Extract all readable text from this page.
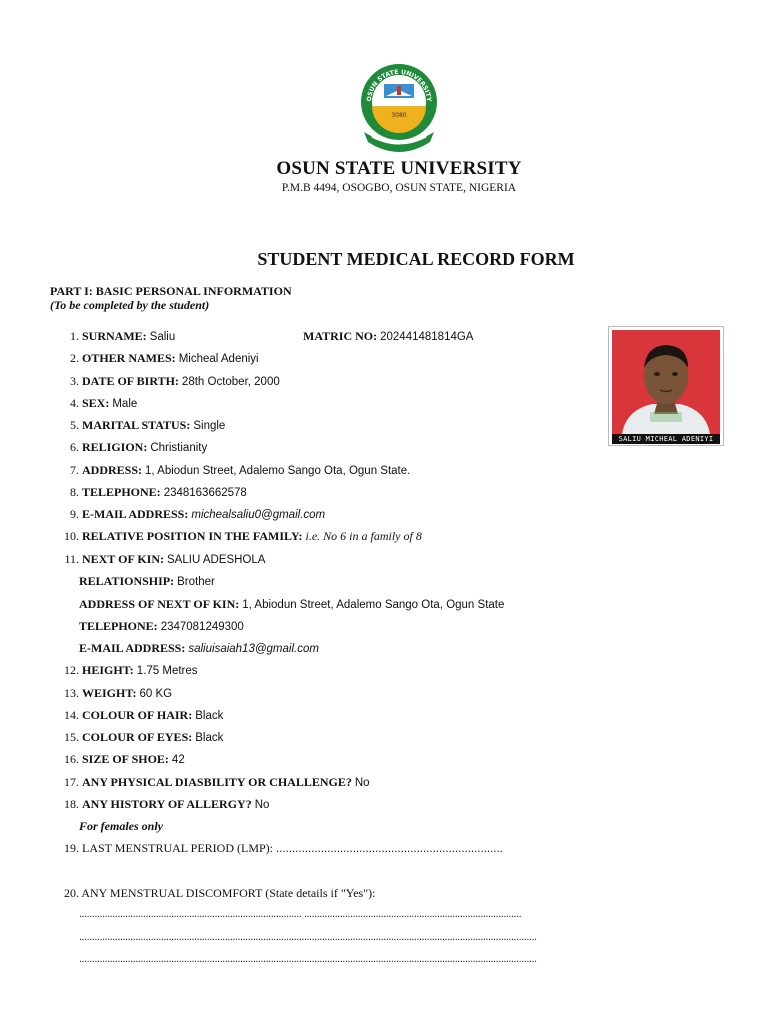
3080
OSUN STATE UNIVERSITY
OSUN STATE UNIVERSITY
P.M.B 4494, OSOGBO, OSUN STATE, NIGERIA
STUDENT MEDICAL RECORD FORM
PART I: BASIC PERSONAL INFORMATION
(To be completed by the student)
SALIU MICHEAL ADENIYI
1. SURNAME: Saliu	MATRIC NO: 202441481814GA
2. OTHER NAMES: Micheal Adeniyi
3. DATE OF BIRTH: 28th October, 2000
4. SEX: Male
5. MARITAL STATUS: Single
6. RELIGION: Christianity
7. ADDRESS: 1, Abiodun Street, Adalemo Sango Ota, Ogun State.
8. TELEPHONE: 2348163662578
9. E-MAIL ADDRESS: michealsaliu0@gmail.com
10. RELATIVE POSITION IN THE FAMILY: i.e. No 6 in a family of 8
11. NEXT OF KIN: SALIU ADESHOLA
RELATIONSHIP: Brother
ADDRESS OF NEXT OF KIN: 1, Abiodun Street, Adalemo Sango Ota, Ogun State
TELEPHONE: 2347081249300
E-MAIL ADDRESS: saliuisaiah13@gmail.com
12. HEIGHT: 1.75 Metres
13. WEIGHT: 60 KG
14. COLOUR OF HAIR: Black
15. COLOUR OF EYES: Black
16. SIZE OF SHOE: 42
17. ANY PHYSICAL DIASBILITY OR CHALLENGE? No
18. ANY HISTORY OF ALLERGY? No
For females only
19. LAST MENSTRUAL PERIOD (LMP): .......................................................................
20. ANY MENSTRUAL DISCOMFORT (State details if "Yes"):
....................................................................................... .....................................................................................
...................................................................................................................................................................................
...................................................................................................................................................................................
